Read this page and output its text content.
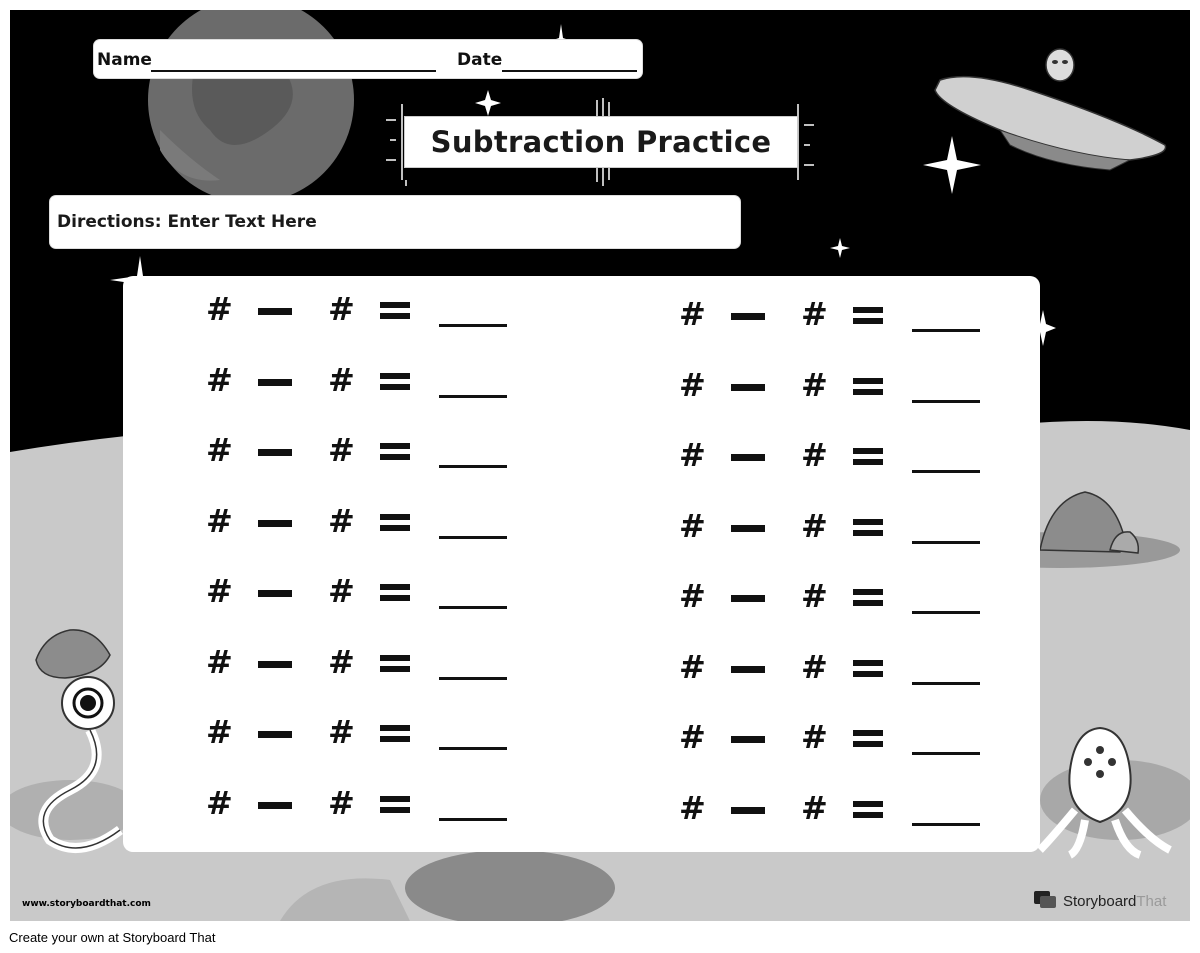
Name	Date
Subtraction Practice
Directions: Enter Text Here
#	#
#	#
#	#
#	#
#	#
#	#
#	#
#	#
#	#
#	#
#	#
#	#
#	#
#	#
#	#
#	#
www.storyboardthat.com	StoryboardThat
Create your own at Storyboard That
